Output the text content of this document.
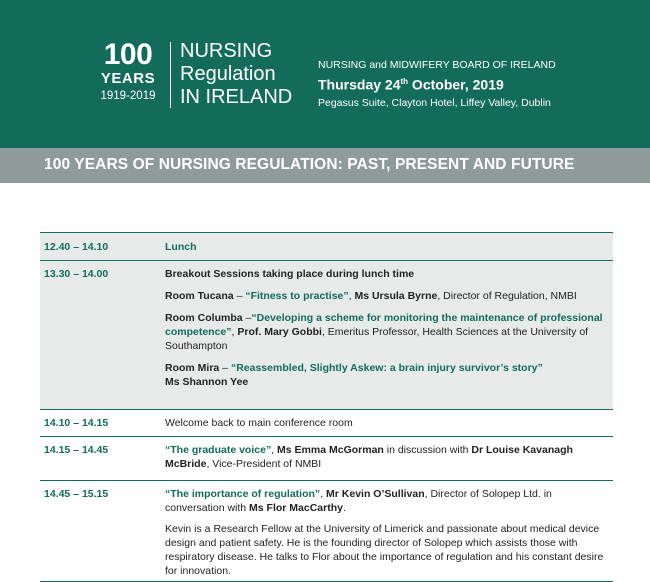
100
YEARS
1919-2019
NURSING
Regulation
IN IRELAND
NURSING and MIDWIFERY BOARD OF IRELAND
Thursday 24th October, 2019
Pegasus Suite, Clayton Hotel, Liffey Valley, Dublin
100 YEARS OF NURSING REGULATION: PAST, PRESENT AND FUTURE
12.40 – 14.10	Lunch
13.30 – 14.00	Breakout Sessions taking place during lunch time

Room Tucana – “Fitness to practise”, Ms Ursula Byrne, Director of Regulation, NMBI

Room Columba –“Developing a scheme for monitoring the maintenance of professional competence”, Prof. Mary Gobbi, Emeritus Professor, Health Sciences at the University of Southampton

Room Mira – “Reassembled, Slightly Askew: a brain injury survivor’s story”
Ms Shannon Yee

14.10 – 14.15	Welcome back to main conference room
14.15 – 14.45	“The graduate voice”, Ms Emma McGorman in discussion with Dr Louise Kavanagh McBride, Vice-President of NMBI

14.45 – 15.15	“The importance of regulation”, Mr Kevin O’Sullivan, Director of Solopep Ltd. in conversation with Ms Flor MacCarthy.

Kevin is a Research Fellow at the University of Limerick and passionate about medical device design and patient safety. He is the founding director of Solopep which assists those with respiratory disease. He talks to Flor about the importance of regulation and his constant desire for innovation.
